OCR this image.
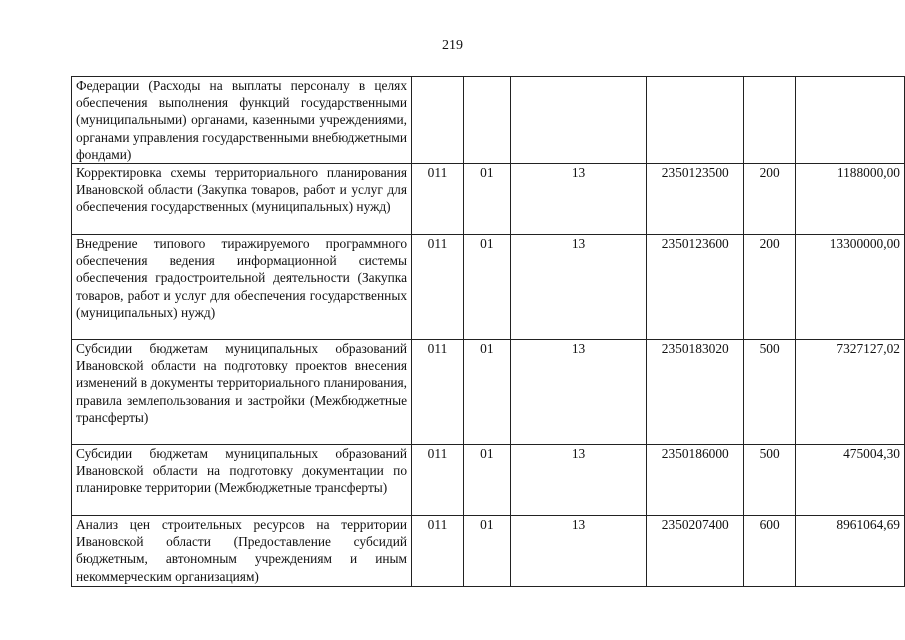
219
Федерации (Расходы на выплаты персоналу в целях обеспечения выполнения функций государственными (муниципальными) органами, казенными учреждениями, органами управления государственными внебюджетными фондами)						
Корректировка схемы территориального планирования Ивановской области (Закупка товаров, работ и услуг для обеспечения государственных (муниципальных) нужд)	011	01	13	2350123500	200	1188000,00
Внедрение типового тиражируемого программного обеспечения ведения информационной системы обеспечения градостроительной деятельности (Закупка товаров, работ и услуг для обеспечения государственных (муниципальных) нужд)	011	01	13	2350123600	200	13300000,00
Субсидии бюджетам муниципальных образований Ивановской области на подготовку проектов внесения изменений в документы территориального планирования, правила землепользования и застройки (Межбюджетные трансферты)	011	01	13	2350183020	500	7327127,02
Субсидии бюджетам муниципальных образований Ивановской области на подготовку документации по планировке территории (Межбюджетные трансферты)	011	01	13	2350186000	500	475004,30
Анализ цен строительных ресурсов на территории Ивановской области (Предоставление субсидий бюджетным, автономным учреждениям и иным некоммерческим организациям)	011	01	13	2350207400	600	8961064,69
